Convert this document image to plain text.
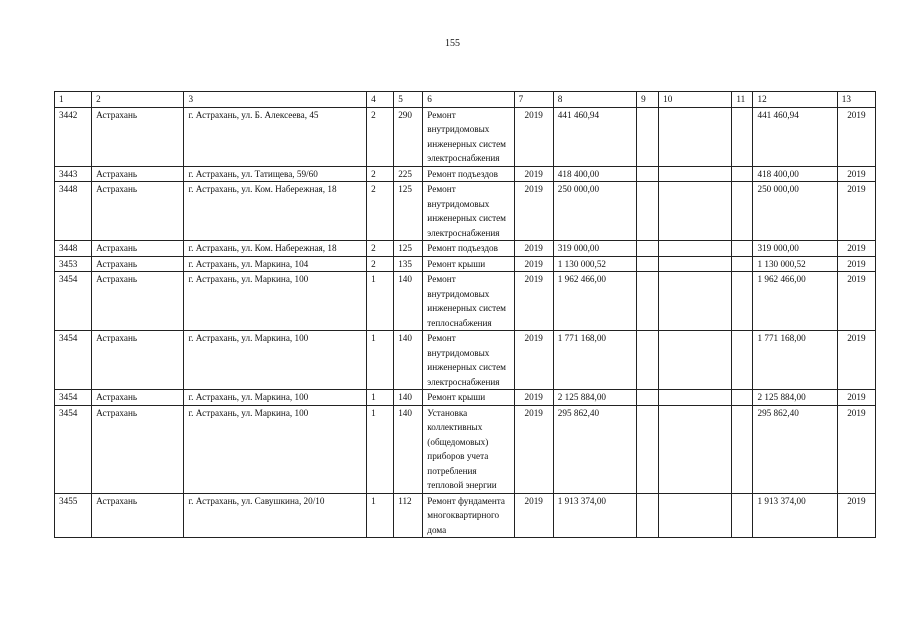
155
1	2	3	4	5	6	7	8	9	10	11	12	13
3442	Астрахань	г. Астрахань, ул. Б. Алексеева, 45	2	290	Ремонт внутридомовых инженерных систем электроснабжения	2019	441 460,94				441 460,94	2019
3443	Астрахань	г. Астрахань, ул. Татищева, 59/60	2	225	Ремонт подъездов	2019	418 400,00				418 400,00	2019
3448	Астрахань	г. Астрахань, ул. Ком. Набережная, 18	2	125	Ремонт внутридомовых инженерных систем электроснабжения	2019	250 000,00				250 000,00	2019
3448	Астрахань	г. Астрахань, ул. Ком. Набережная, 18	2	125	Ремонт подъездов	2019	319 000,00				319 000,00	2019
3453	Астрахань	г. Астрахань, ул. Маркина, 104	2	135	Ремонт крыши	2019	1 130 000,52				1 130 000,52	2019
3454	Астрахань	г. Астрахань, ул. Маркина, 100	1	140	Ремонт внутридомовых инженерных систем теплоснабжения	2019	1 962 466,00				1 962 466,00	2019
3454	Астрахань	г. Астрахань, ул. Маркина, 100	1	140	Ремонт внутридомовых инженерных систем электроснабжения	2019	1 771 168,00				1 771 168,00	2019
3454	Астрахань	г. Астрахань, ул. Маркина, 100	1	140	Ремонт крыши	2019	2 125 884,00				2 125 884,00	2019
3454	Астрахань	г. Астрахань, ул. Маркина, 100	1	140	Установка коллективных (общедомовых) приборов учета потребления тепловой энергии	2019	295 862,40				295 862,40	2019
3455	Астрахань	г. Астрахань, ул. Савушкина, 20/10	1	112	Ремонт фундамента многоквартирного дома	2019	1 913 374,00				1 913 374,00	2019
